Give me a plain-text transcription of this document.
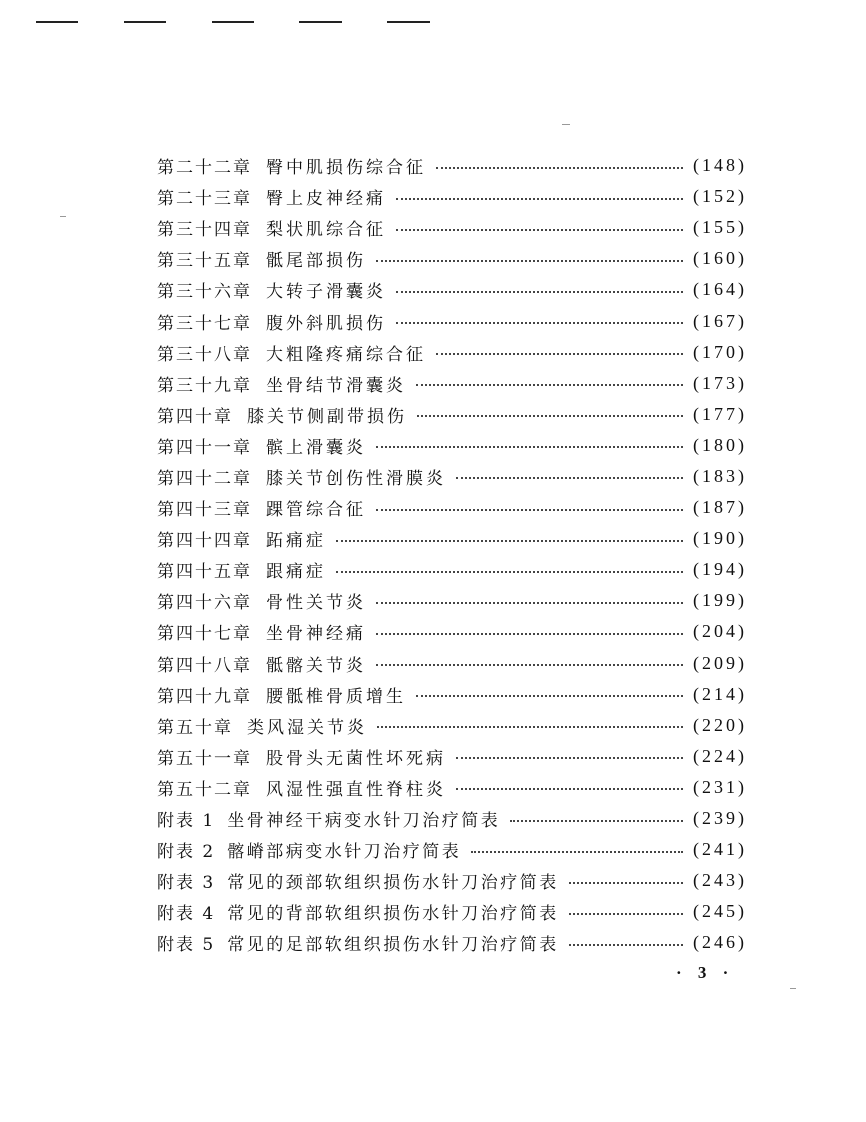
第二十二章 臀中肌损伤综合征	(148)
第二十三章 臀上皮神经痛	(152)
第三十四章 梨状肌综合征	(155)
第三十五章 骶尾部损伤	(160)
第三十六章 大转子滑囊炎	(164)
第三十七章 腹外斜肌损伤	(167)
第三十八章 大粗隆疼痛综合征	(170)
第三十九章 坐骨结节滑囊炎	(173)
第四十章 膝关节侧副带损伤	(177)
第四十一章 髌上滑囊炎	(180)
第四十二章 膝关节创伤性滑膜炎	(183)
第四十三章 踝管综合征	(187)
第四十四章 跖痛症	(190)
第四十五章 跟痛症	(194)
第四十六章 骨性关节炎	(199)
第四十七章 坐骨神经痛	(204)
第四十八章 骶髂关节炎	(209)
第四十九章 腰骶椎骨质增生	(214)
第五十章 类风湿关节炎	(220)
第五十一章 股骨头无菌性坏死病	(224)
第五十二章 风湿性强直性脊柱炎	(231)
附表 1 坐骨神经干病变水针刀治疗简表	(239)
附表 2 髂嵴部病变水针刀治疗简表	(241)
附表 3 常见的颈部软组织损伤水针刀治疗简表	(243)
附表 4 常见的背部软组织损伤水针刀治疗简表	(245)
附表 5 常见的足部软组织损伤水针刀治疗简表	(246)
· 3 ·
